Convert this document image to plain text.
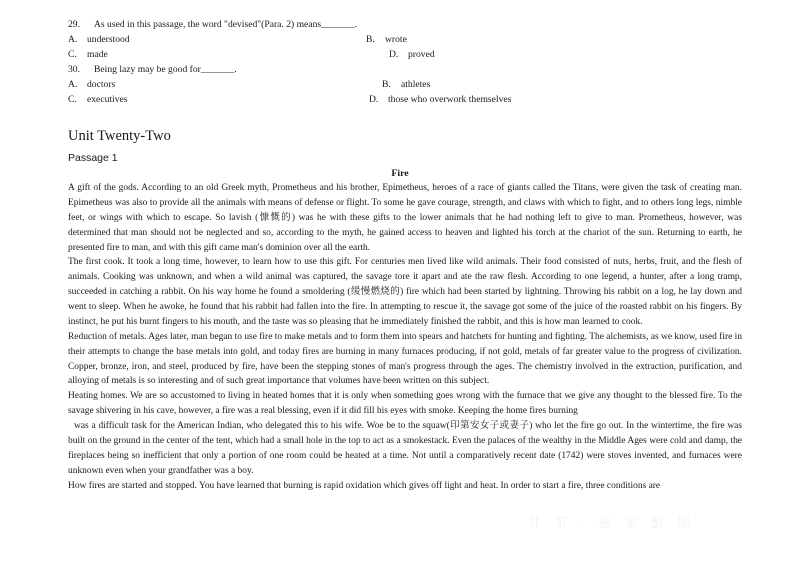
29. As used in this passage, the word "devised"(Para. 2) means_______.
A. understood	B. wrote
C. made	D. proved
30. Being lazy may be good for_______.
A. doctors	B. athletes
C. executives	D. those who overwork themselves
Unit Twenty-Two
Passage 1
Fire

A gift of the gods. According to an old Greek myth, Prometheus and his brother, Epimetheus, heroes of a race of giants called the Titans, were given the task of creating man. Epimetheus was also to provide all the animals with means of defense or flight. To some he gave courage, strength, and claws with which to fight, and to others long legs, nimble feet, or wings with which to escape. So lavish (慷慨的) was he with these gifts to the lower animals that he had nothing left to give to man. Prometheus, however, was determined that man should not be neglected and so, according to the myth, he gained access to heaven and lighted his torch at the chariot of the sun. Returning to earth, he presented fire to man, and with this gift came man's dominion over all the earth.

The first cook. It took a long time, however, to learn how to use this gift. For centuries men lived like wild animals. Their food consisted of nuts, herbs, fruit, and the flesh of animals. Cooking was unknown, and when a wild animal was captured, the savage tore it apart and ate the raw flesh. According to one legend, a hunter, after a long tramp, succeeded in catching a rabbit. On his way home he found a smoldering (缓慢燃烧的) fire which had been started by lightning. Throwing his rabbit on a log, he lay down and went to sleep. When he awoke, he found that his rabbit had fallen into the fire. In attempting to rescue it, the savage got some of the juice of the roasted rabbit on his fingers. By instinct, he put his burnt fingers to his mouth, and the taste was so pleasing that he immediately finished the rabbit, and this is how man learned to cook.

Reduction of metals. Ages later, man began to use fire to make metals and to form them into spears and hatchets for hunting and fighting. The alchemists, as we know, used fire in their attempts to change the base metals into gold, and today fires are burning in many furnaces producing, if not gold, metals of far greater value to the progress of civilization. Copper, bronze, iron, and steel, produced by fire, have been the stepping stones of man's progress through the ages. The chemistry involved in the extraction, purification, and alloying of metals is so interesting and of such great importance that volumes have been written on this subject.

Heating homes. We are so accustomed to living in heated homes that it is only when something goes wrong with the furnace that we give any thought to the blessed fire. To the savage shivering in his cave, however, a fire was a real blessing, even if it did fill his eyes with smoke. Keeping the home fires burning

was a difficult task for the American Indian, who delegated this to his wife. Woe be to the squaw(印第安女子或妻子) who let the fire go out. In the wintertime, the fire was built on the ground in the center of the tent, which had a small hole in the top to act as a smokestack. Even the palaces of the wealthy in the Middle Ages were cold and damp, the fireplaces being so inefficient that only a portion of one room could be heated at a time. Not until a comparatively recent date (1742) were stoves invented, and furnaces were unknown even when your grandfather was a boy.

How fires are started and stopped. You have learned that burning is rapid oxidation which gives off light and heat. In order to start a fire, three conditions are

井 节 · 独 家 整 理
